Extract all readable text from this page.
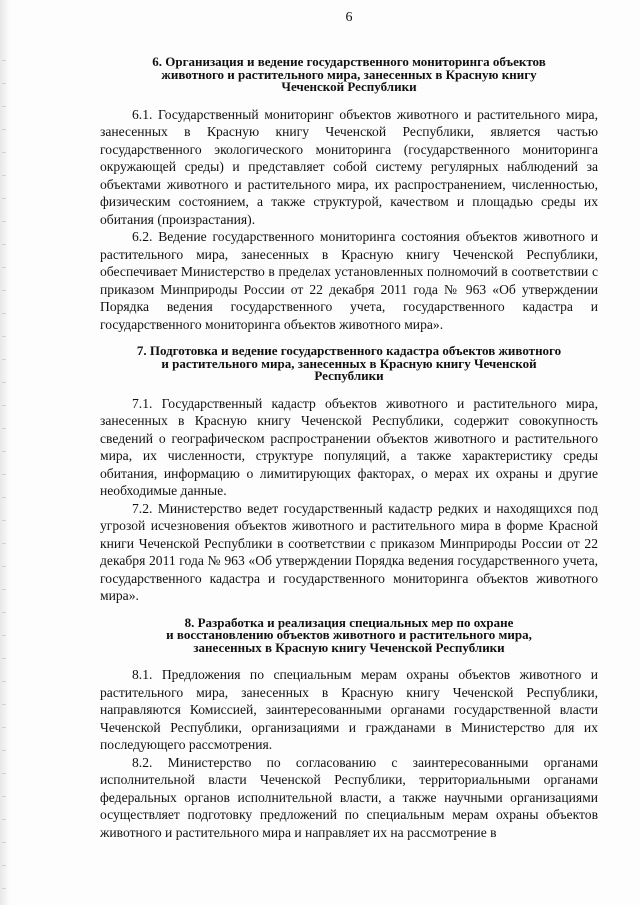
6
6. Организация и ведение государственного мониторинга объектов
животного и растительного мира, занесенных в Красную книгу
Чеченской Республики

6.1. Государственный мониторинг объектов животного и растительного мира, занесенных в Красную книгу Чеченской Республики, является частью государственного экологического мониторинга (государственного мониторинга окружающей среды) и представляет собой систему регулярных наблюдений за объектами животного и растительного мира, их распространением, численностью, физическим состоянием, а также структурой, качеством и площадью среды их обитания (произрастания).

6.2. Ведение государственного мониторинга состояния объектов животного и растительного мира, занесенных в Красную книгу Чеченской Республики, обеспечивает Министерство в пределах установленных полномочий в соответствии с приказом Минприроды России от 22 декабря 2011 года № 963 «Об утверждении Порядка ведения государственного учета, государственного кадастра и государственного мониторинга объектов животного мира».

7. Подготовка и ведение государственного кадастра объектов животного
и растительного мира, занесенных в Красную книгу Чеченской
Республики

7.1. Государственный кадастр объектов животного и растительного мира, занесенных в Красную книгу Чеченской Республики, содержит совокупность сведений о географическом распространении объектов животного и растительного мира, их численности, структуре популяций, а также характеристику среды обитания, информацию о лимитирующих факторах, о мерах их охраны и другие необходимые данные.

7.2. Министерство ведет государственный кадастр редких и находящихся под угрозой исчезновения объектов животного и растительного мира в форме Красной книги Чеченской Республики в соответствии с приказом Минприроды России от 22 декабря 2011 года № 963 «Об утверждении Порядка ведения государственного учета, государственного кадастра и государственного мониторинга объектов животного мира».

8. Разработка и реализация специальных мер по охране
и восстановлению объектов животного и растительного мира,
занесенных в Красную книгу Чеченской Республики

8.1. Предложения по специальным мерам охраны объектов животного и растительного мира, занесенных в Красную книгу Чеченской Республики, направляются Комиссией, заинтересованными органами государственной власти Чеченской Республики, организациями и гражданами в Министерство для их последующего рассмотрения.

8.2. Министерство по согласованию с заинтересованными органами исполнительной власти Чеченской Республики, территориальными органами федеральных органов исполнительной власти, а также научными организациями осуществляет подготовку предложений по специальным мерам охраны объектов животного и растительного мира и направляет их на рассмотрение в
